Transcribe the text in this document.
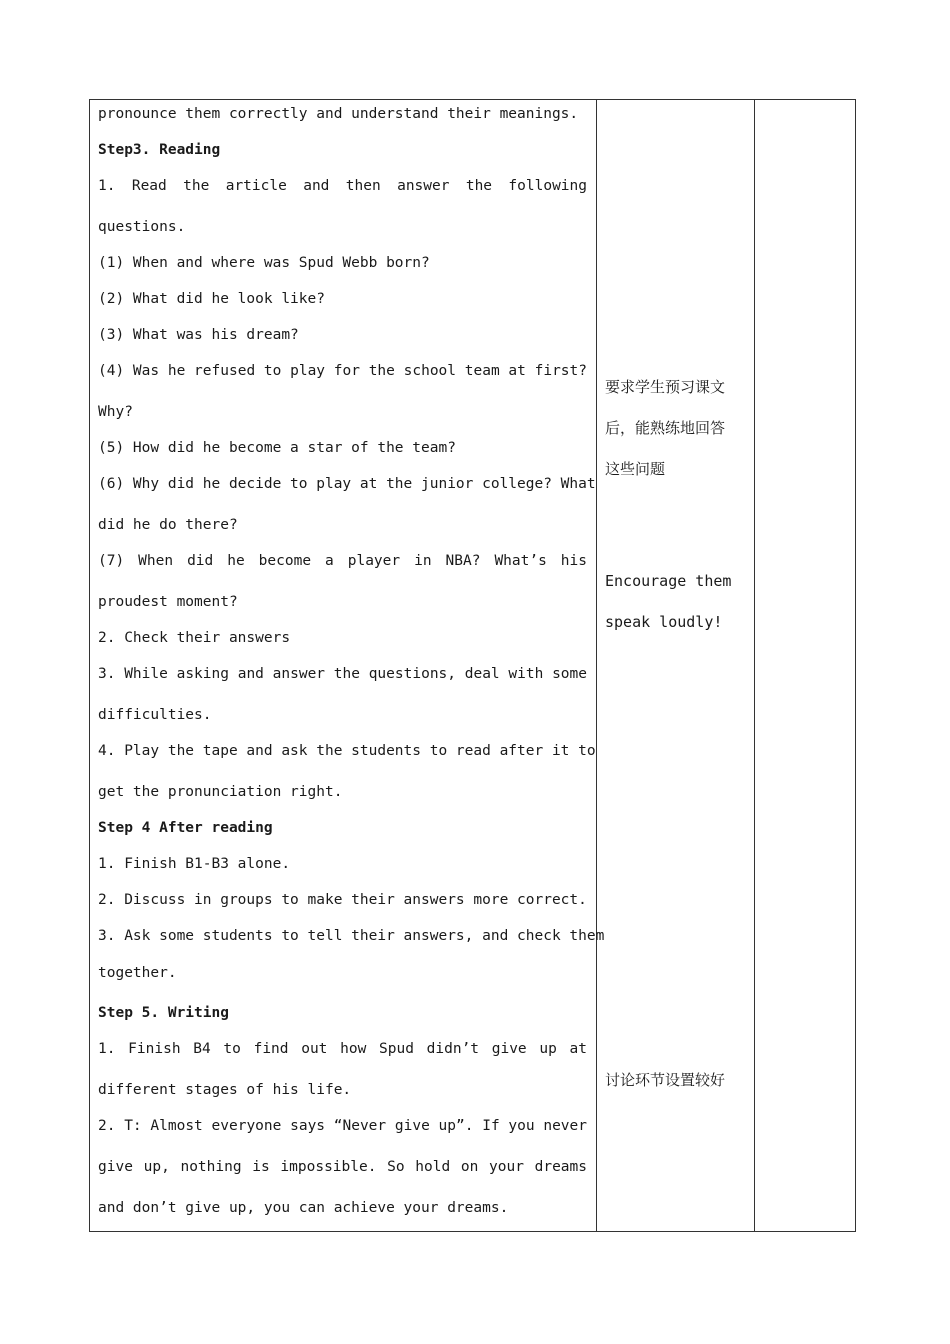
pronounce them correctly and understand their meanings.
Step3. Reading
1. Read the article and then answer the following
questions.
(1) When and where was Spud Webb born?
(2) What did he look like?
(3) What was his dream?
(4) Was he refused to play for the school team at first?
Why?
(5) How did he become a star of the team?
(6) Why did he decide to play at the junior college? What
did he do there?
(7) When did he become a player in NBA? What’s his
proudest moment?
2. Check their answers
3. While asking and answer the questions, deal with some
difficulties.
4. Play the tape and ask the students to read after it to
get the pronunciation right.
Step 4 After reading
1. Finish B1-B3 alone.
2. Discuss in groups to make their answers more correct.
3. Ask some students to tell their answers, and check them
together.
Step 5. Writing
1. Finish B4 to find out how Spud didn’t give up at
different stages of his life.
2. T: Almost everyone says “Never give up”. If you never
give up, nothing is impossible. So hold on your dreams
and don’t give up, you can achieve your dreams.
要求学生预习课文
后，能熟练地回答
这些问题
Encourage them
speak loudly!
讨论环节设置较好
